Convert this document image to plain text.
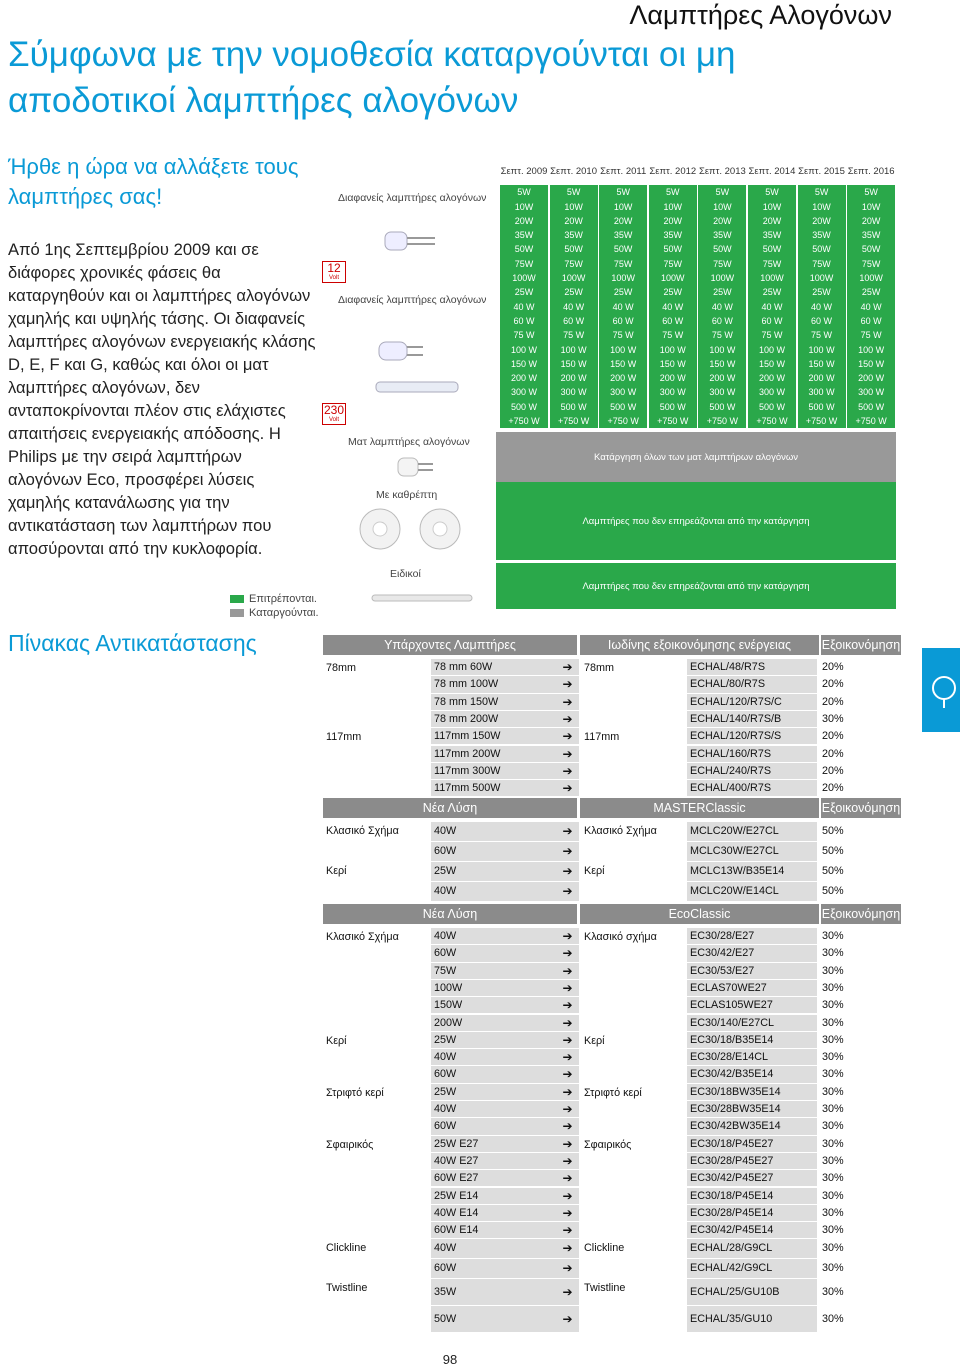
Λαμπτήρες Αλογόνων
Σύμφωνα με την νομοθεσία καταργούνται οι μη αποδοτικοί λαμπτήρες αλογόνων
Ήρθε η ώρα να αλλάξετε τους λαμπτήρες σας!
Από 1ης Σεπτεμβρίου 2009 και σε διάφορες χρονικές φάσεις θα καταργηθούν και οι λαμπτήρες αλογόνων χαμηλής και υψηλής τάσης. Οι διαφανείς λαμπτήρες αλογόνων ενεργειακής κλάσης D, E, F και G, καθώς και όλοι οι ματ λαμπτήρες αλογόνων, δεν ανταποκρίνονται πλέον στις ελάχιστες απαιτήσεις ενεργειακής απόδοσης. Η Philips με την σειρά λαμπτήρων αλογόνων Eco, προσφέρει λύσεις χαμηλής κατανάλωσης για την αντικατάσταση των λαμπτήρων που αποσύρονται από την κυκλοφορία.
Επιτρέπονται.
Καταργούνται.
Πίνακας Αντικατάστασης
Διαφανείς λαμπτήρες αλογόνων
Διαφανείς λαμπτήρες αλογόνων
Ματ λαμπτήρες αλογόνων
Με καθρέπτη
Ειδικοί
12
Volt
230
Volt
Σεπτ. 2009 Σεπτ. 2010 Σεπτ. 2011 Σεπτ. 2012 Σεπτ. 2013 Σεπτ. 2014 Σεπτ. 2015 Σεπτ. 2016
5W	5W	5W	5W	5W	5W	5W	5W
10W	10W	10W	10W	10W	10W	10W	10W
20W	20W	20W	20W	20W	20W	20W	20W
35W	35W	35W	35W	35W	35W	35W	35W
50W	50W	50W	50W	50W	50W	50W	50W
75W	75W	75W	75W	75W	75W	75W	75W
100W	100W	100W	100W	100W	100W	100W	100W
25W	25W	25W	25W	25W	25W	25W	25W
40 W	40 W	40 W	40 W	40 W	40 W	40 W	40 W
60 W	60 W	60 W	60 W	60 W	60 W	60 W	60 W
75 W	75 W	75 W	75 W	75 W	75 W	75 W	75 W
100 W	100 W	100 W	100 W	100 W	100 W	100 W	100 W
150 W	150 W	150 W	150 W	150 W	150 W	150 W	150 W
200 W	200 W	200 W	200 W	200 W	200 W	200 W	200 W
300 W	300 W	300 W	300 W	300 W	300 W	300 W	300 W
500 W	500 W	500 W	500 W	500 W	500 W	500 W	500 W
+750 W	+750 W	+750 W	+750 W	+750 W	+750 W	+750 W	+750 W
Κατάργηση όλων των ματ λαμπτήρων αλογόνων
Λαμπτήρες που δεν επηρεάζονται από την κατάργηση
Λαμπτήρες που δεν επηρεάζονται από την κατάργηση
Υπάρχοντες Λαμπτήρες	Ιωδίνης εξοικονόμησης ενέργειας	Εξοικονόμηση
78mm	78 mm 60W	➔	78mm	ECHAL/48/R7S	20%
78 mm 100W	➔	ECHAL/80/R7S	20%
78 mm 150W	➔	ECHAL/120/R7S/C	20%
78 mm 200W	➔	ECHAL/140/R7S/B	30%
117mm	117mm 150W	➔	117mm	ECHAL/120/R7S/S	20%
117mm 200W	➔	ECHAL/160/R7S	20%
117mm 300W	➔	ECHAL/240/R7S	20%
117mm 500W	➔	ECHAL/400/R7S	20%
Νέα Λύση	MASTERClassic	Εξοικονόμηση
Κλασικό Σχήμα	40W	➔	Κλασικό Σχήμα	MCLC20W/E27CL	50%
60W	➔	MCLC30W/E27CL	50%
Κερί	25W	➔	Κερί	MCLC13W/B35E14	50%
40W	➔	MCLC20W/E14CL	50%
Νέα Λύση	EcoClassic	Εξοικονόμηση
Κλασικό Σχήμα	40W	➔	Κλασικό σχήμα	EC30/28/E27	30%
60W	➔	EC30/42/E27	30%
75W	➔	EC30/53/E27	30%
100W	➔	ECLAS70WE27	30%
150W	➔	ECLAS105WE27	30%
200W	➔	EC30/140/E27CL	30%
Κερί	25W	➔	Κερί	EC30/18/B35E14	30%
40W	➔	EC30/28/E14CL	30%
60W	➔	EC30/42/B35E14	30%
Στριφτό κερί	25W	➔	Στριφτό κερί	EC30/18BW35E14	30%
40W	➔	EC30/28BW35E14	30%
60W	➔	EC30/42BW35E14	30%
Σφαιρικός	25W E27	➔	Σφαιρικός	EC30/18/P45E27	30%
40W E27	➔	EC30/28/P45E27	30%
60W E27	➔	EC30/42/P45E27	30%
25W E14	➔	EC30/18/P45E14	30%
40W E14	➔	EC30/28/P45E14	30%
60W E14	➔	EC30/42/P45E14	30%
Clickline	40W	➔	Clickline	ECHAL/28/G9CL	30%
60W	➔	ECHAL/42/G9CL	30%
Twistline	35W	➔	Twistline	ECHAL/25/GU10B	30%
50W	➔	ECHAL/35/GU10	30%
98
